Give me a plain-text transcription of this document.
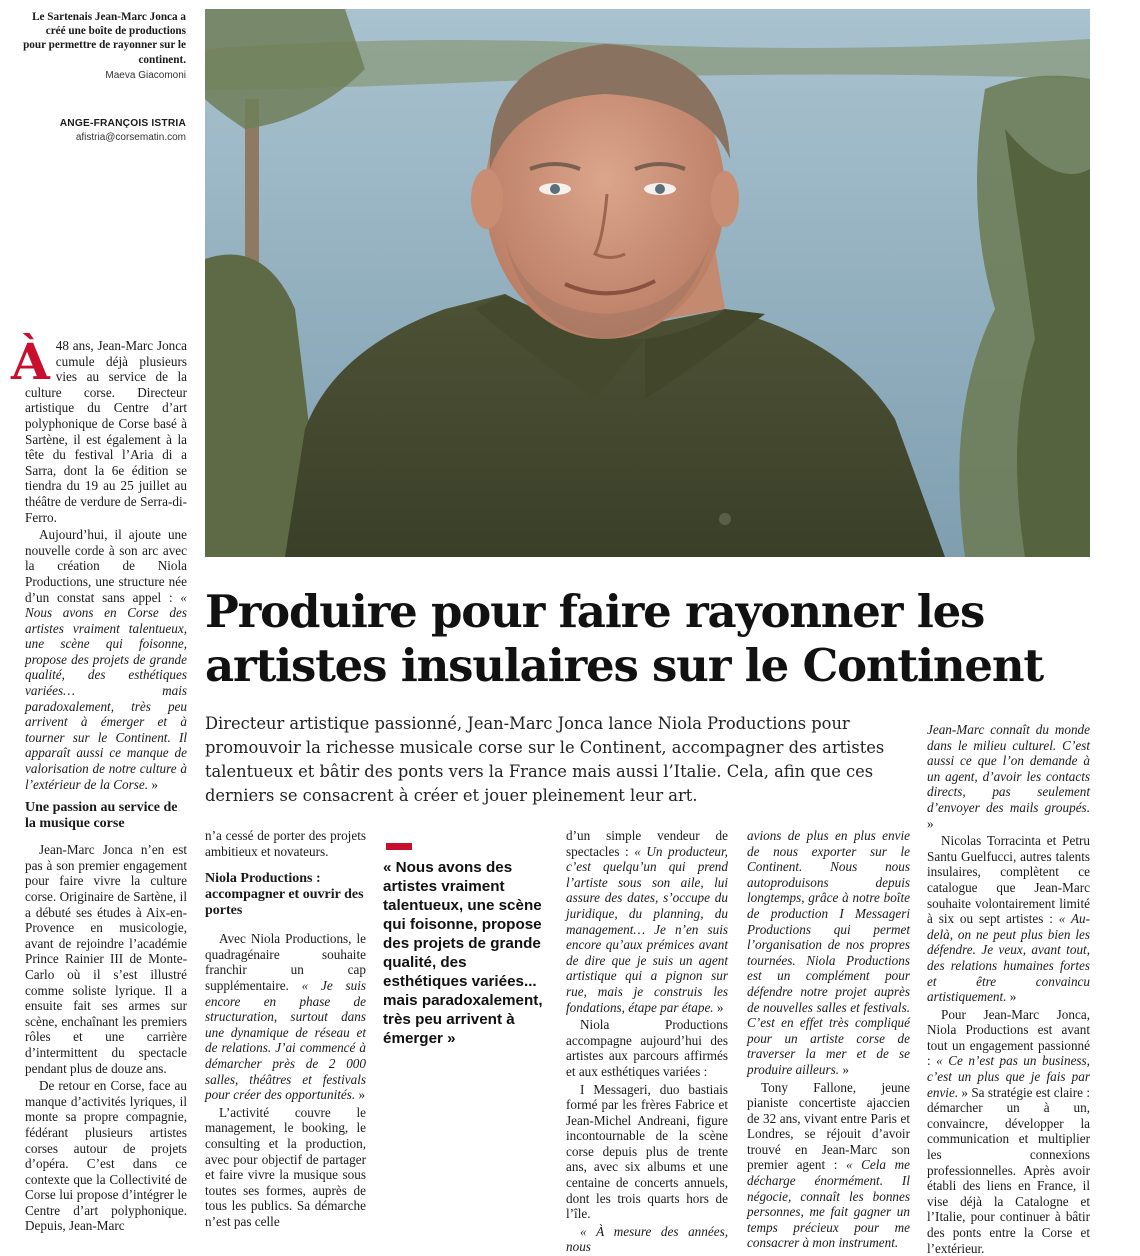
Le Sartenais Jean-Marc Jonca a créé une boîte de productions pour permettre de rayonner sur le continent.
Maeva Giacomoni
ANGE-FRANÇOIS ISTRIA
afistria@corsematin.com
Produire pour faire rayonner les artistes insulaires sur le Continent
Directeur artistique passionné, Jean-Marc Jonca lance Niola Productions pour promouvoir la richesse musicale corse sur le Continent, accompagner des artistes talentueux et bâtir des ponts vers la France mais aussi l’Italie. Cela, afin que ces derniers se consacrent à créer et jouer pleinement leur art.

À 48 ans, Jean-Marc Jonca cumule déjà plusieurs vies au service de la culture corse. Directeur artistique du Centre d’art polyphonique de Corse basé à Sartène, il est également à la tête du festival l’Aria di a Sarra, dont la 6e édition se tiendra du 19 au 25 juillet au théâtre de verdure de Serra-di-Ferro.

Aujourd’hui, il ajoute une nouvelle corde à son arc avec la création de Niola Productions, une structure née d’un constat sans appel : « Nous avons en Corse des artistes vraiment talentueux, une scène qui foisonne, propose des projets de grande qualité, des esthétiques variées… mais paradoxalement, très peu arrivent à émerger et à tourner sur le Continent. Il apparaît aussi ce manque de valorisation de notre culture à l’extérieur de la Corse. »

Une passion au service de la musique corse

Jean-Marc Jonca n’en est pas à son premier engagement pour faire vivre la culture corse. Originaire de Sartène, il a débuté ses études à Aix-en-Provence en musicologie, avant de rejoindre l’académie Prince Rainier III de Monte-Carlo où il s’est illustré comme soliste lyrique. Il a ensuite fait ses armes sur scène, enchaînant les premiers rôles et une carrière d’intermittent du spectacle pendant plus de douze ans.

De retour en Corse, face au manque d’activités lyriques, il monte sa propre compagnie, fédérant plusieurs artistes corses autour de projets d’opéra. C’est dans ce contexte que la Collectivité de Corse lui propose d’intégrer le Centre d’art polyphonique. Depuis, Jean-Marc

n’a cessé de porter des projets ambitieux et novateurs.

Niola Productions : accompagner et ouvrir des portes

Avec Niola Productions, le quadragénaire souhaite franchir un cap supplémentaire. « Je suis encore en phase de structuration, surtout dans une dynamique de réseau et de relations. J’ai commencé à démarcher près de 2 000 salles, théâtres et festivals pour créer des opportunités. »

L’activité couvre le management, le booking, le consulting et la production, avec pour objectif de partager et faire vivre la musique sous toutes ses formes, auprès de tous les publics. Sa démarche n’est pas celle

« Nous avons des artistes vraiment talentueux, une scène qui foisonne, propose des projets de grande qualité, des esthétiques variées... mais paradoxalement, très peu arrivent à émerger »

d’un simple vendeur de spectacles : « Un producteur, c’est quelqu’un qui prend l’artiste sous son aile, lui assure des dates, s’occupe du juridique, du planning, du management… Je n’en suis encore qu’aux prémices avant de dire que je suis un agent artistique qui a pignon sur rue, mais je construis les fondations, étape par étape. »

Niola Productions accompagne aujourd’hui des artistes aux parcours affirmés et aux esthétiques variées :

I Messageri, duo bastiais formé par les frères Fabrice et Jean-Michel Andreani, figure incontournable de la scène corse depuis plus de trente ans, avec six albums et une centaine de concerts annuels, dont les trois quarts hors de l’île.

« À mesure des années, nous

avions de plus en plus envie de nous exporter sur le Continent. Nous nous autoproduisons depuis longtemps, grâce à notre boîte de production I Messageri Productions qui permet l’organisation de nos propres tournées. Niola Productions est un complément pour défendre notre projet auprès de nouvelles salles et festivals. C’est en effet très compliqué pour un artiste corse de traverser la mer et de se produire ailleurs. »

Tony Fallone, jeune pianiste concertiste ajaccien de 32 ans, vivant entre Paris et Londres, se réjouit d’avoir trouvé en Jean-Marc son premier agent : « Cela me décharge énormément. Il négocie, connaît les bonnes personnes, me fait gagner un temps précieux pour me consacrer à mon instrument.

Jean-Marc connaît du monde dans le milieu culturel. C’est aussi ce que l’on demande à un agent, d’avoir les contacts directs, pas seulement d’envoyer des mails groupés. »

Nicolas Torracinta et Petru Santu Guelfucci, autres talents insulaires, complètent ce catalogue que Jean-Marc souhaite volontairement limité à six ou sept artistes : « Au-delà, on ne peut plus bien les défendre. Je veux, avant tout, des relations humaines fortes et être convaincu artistiquement. »

Pour Jean-Marc Jonca, Niola Productions est avant tout un engagement passionné : « Ce n’est pas un business, c’est un plus que je fais par envie. » Sa stratégie est claire : démarcher un à un, convaincre, développer la communication et multiplier les connexions professionnelles. Après avoir établi des liens en France, il vise déjà la Catalogne et l’Italie, pour continuer à bâtir des ponts entre la Corse et l’extérieur.
